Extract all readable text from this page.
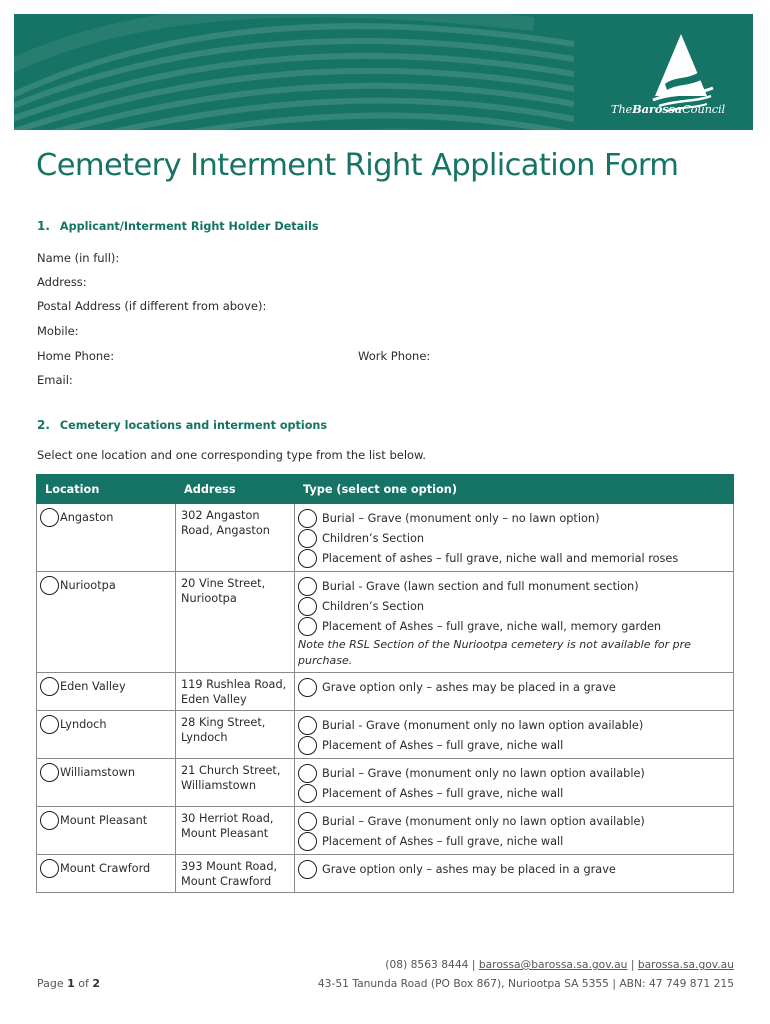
TheBarossaCouncil
Cemetery Interment Right Application Form
1. Applicant/Interment Right Holder Details
Name (in full):
Address:
Postal Address (if different from above):
Mobile:
Home Phone:	Work Phone:
Email:
2. Cemetery locations and interment options
Select one location and one corresponding type from the list below.
Location	Address	Type (select one option)
Angaston	302 Angaston Road, Angaston	Burial – Grave (monument only – no lawn option)
Children’s Section
Placement of ashes – full grave, niche wall and memorial roses

Nuriootpa	20 Vine Street, Nuriootpa	Burial - Grave (lawn section and full monument section)
Children’s Section
Placement of Ashes – full grave, niche wall, memory garden
Note the RSL Section of the Nuriootpa cemetery is not available for pre purchase.

Eden Valley	119 Rushlea Road, Eden Valley	Grave option only – ashes may be placed in a grave

Lyndoch	28 King Street, Lyndoch	Burial - Grave (monument only no lawn option available)
Placement of Ashes – full grave, niche wall

Williamstown	21 Church Street, Williamstown	Burial – Grave (monument only no lawn option available)
Placement of Ashes – full grave, niche wall

Mount Pleasant	30 Herriot Road, Mount Pleasant	Burial – Grave (monument only no lawn option available)
Placement of Ashes – full grave, niche wall

Mount Crawford	393 Mount Road, Mount Crawford	Grave option only – ashes may be placed in a grave
(08) 8563 8444 | barossa@barossa.sa.gov.au | barossa.sa.gov.au
43-51 Tanunda Road (PO Box 867), Nuriootpa SA 5355 | ABN: 47 749 871 215
Page 1 of 2
